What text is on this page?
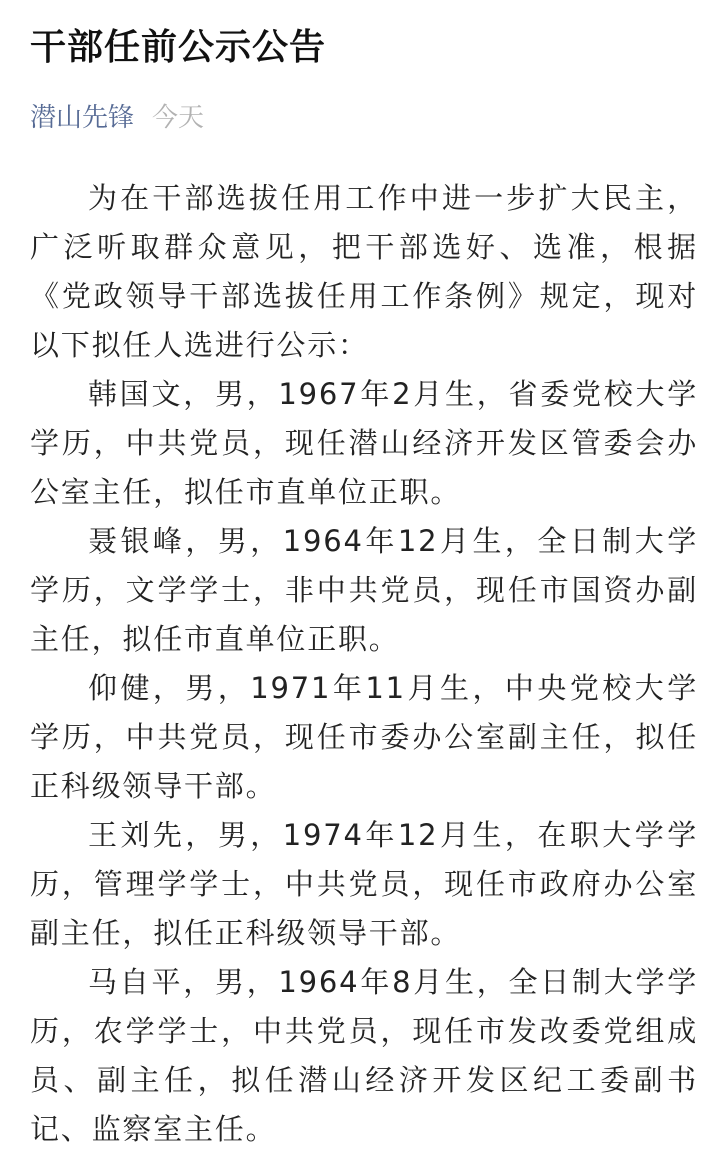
干部任前公示公告
潜山先锋 今天

为在干部选拔任用工作中进一步扩大民主，广泛听取群众意见，把干部选好、选准，根据《党政领导干部选拔任用工作条例》规定，现对以下拟任人选进行公示：

韩国文，男，1967年2月生，省委党校大学学历，中共党员，现任潜山经济开发区管委会办公室主任，拟任市直单位正职。

聂银峰，男，1964年12月生，全日制大学学历，文学学士，非中共党员，现任市国资办副主任，拟任市直单位正职。

仰健，男，1971年11月生，中央党校大学学历，中共党员，现任市委办公室副主任，拟任正科级领导干部。

王刘先，男，1974年12月生，在职大学学历，管理学学士，中共党员，现任市政府办公室副主任，拟任正科级领导干部。

马自平，男，1964年8月生，全日制大学学历，农学学士，中共党员，现任市发改委党组成员、副主任，拟任潜山经济开发区纪工委副书记、监察室主任。
